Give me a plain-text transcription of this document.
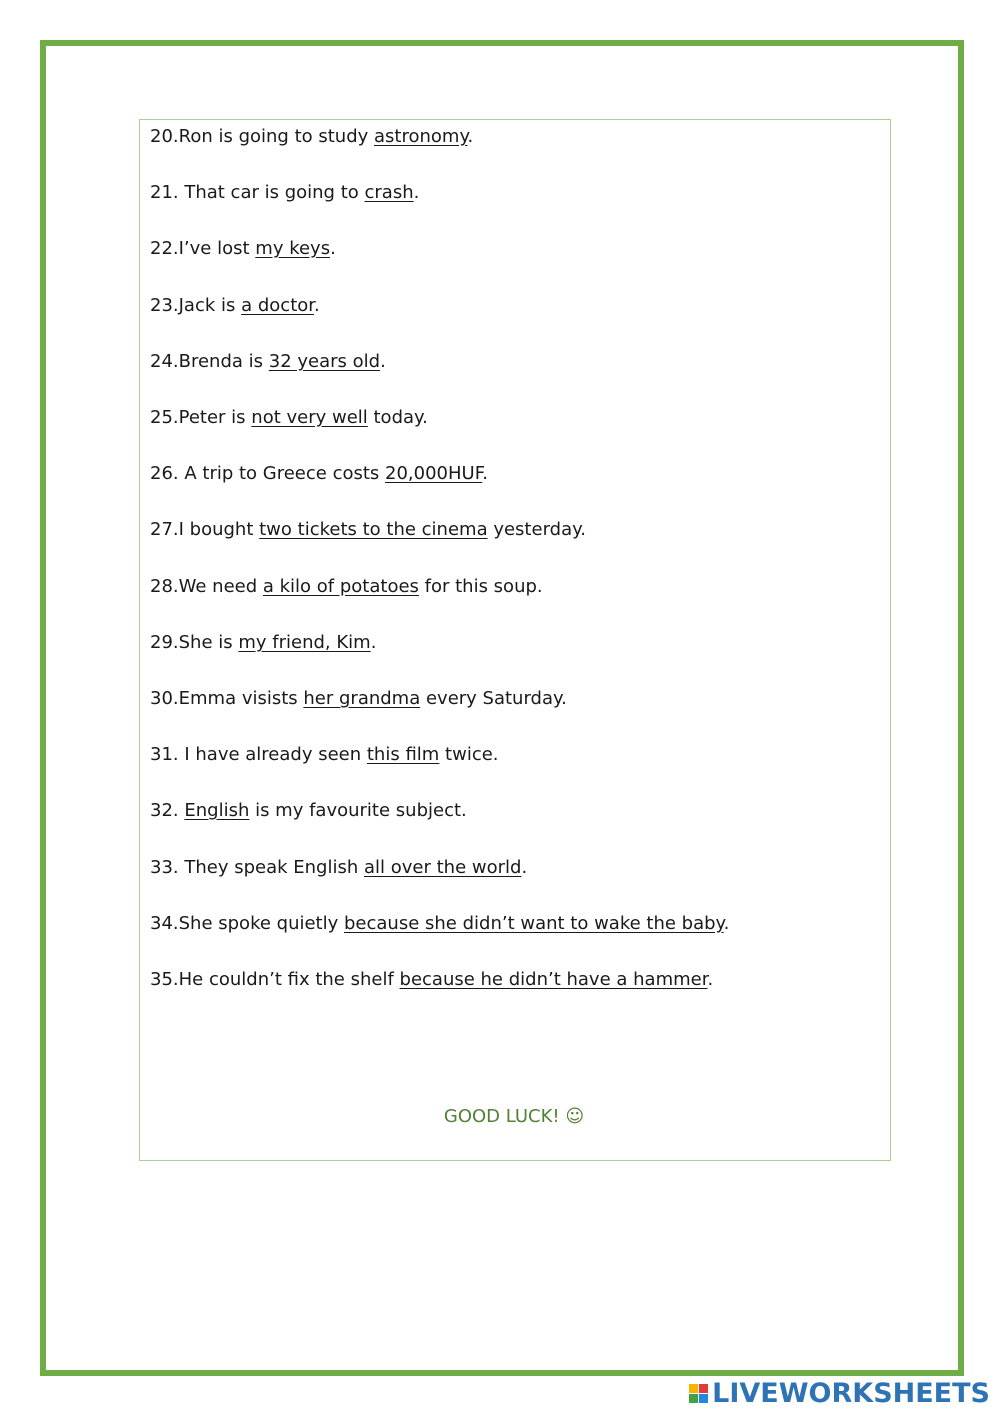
20.Ron is going to study astronomy.
21. That car is going to crash.
22.I’ve lost my keys.
23.Jack is a doctor.
24.Brenda is 32 years old.
25.Peter is not very well today.
26. A trip to Greece costs 20,000HUF.
27.I bought two tickets to the cinema yesterday.
28.We need a kilo of potatoes for this soup.
29.She is my friend, Kim.
30.Emma visists her grandma every Saturday.
31. I have already seen this film twice.
32. English is my favourite subject.
33. They speak English all over the world.
34.She spoke quietly because she didn’t want to wake the baby.
35.He couldn’t fix the shelf because he didn’t have a hammer.
GOOD LUCK! ☺
LIVEWORKSHEETS
